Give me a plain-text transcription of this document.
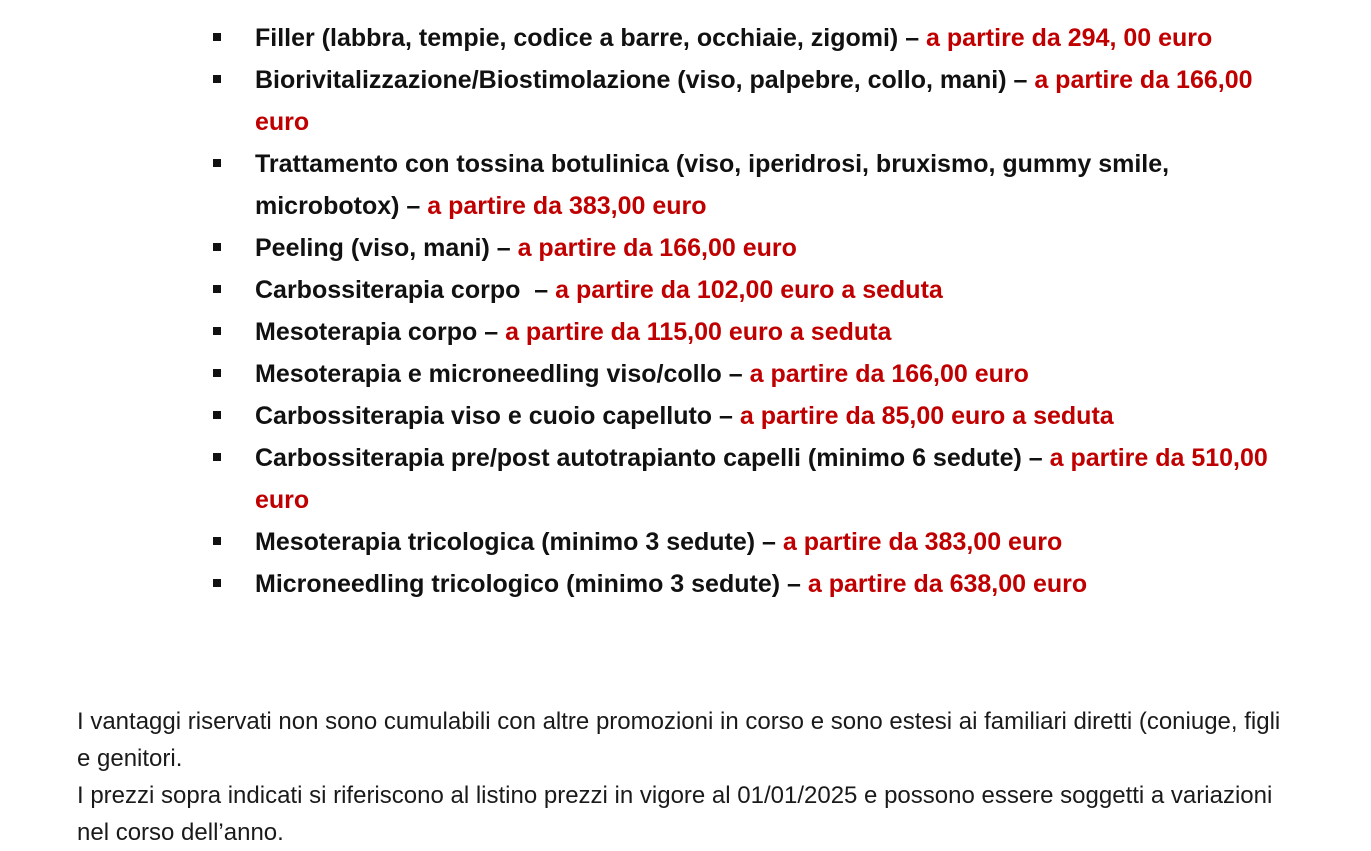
Filler (labbra, tempie, codice a barre, occhiaie, zigomi) – a partire da 294, 00 euro
Biorivitalizzazione/Biostimolazione (viso, palpebre, collo, mani) – a partire da 166,00 euro
Trattamento con tossina botulinica (viso, iperidrosi, bruxismo, gummy smile, microbotox) – a partire da 383,00 euro
Peeling (viso, mani) – a partire da 166,00 euro
Carbossiterapia corpo  – a partire da 102,00 euro a seduta
Mesoterapia corpo – a partire da 115,00 euro a seduta
Mesoterapia e microneedling viso/collo – a partire da 166,00 euro
Carbossiterapia viso e cuoio capelluto – a partire da 85,00 euro a seduta
Carbossiterapia pre/post autotrapianto capelli (minimo 6 sedute) – a partire da 510,00 euro
Mesoterapia tricologica (minimo 3 sedute) – a partire da 383,00 euro
Microneedling tricologico (minimo 3 sedute) – a partire da 638,00 euro

I vantaggi riservati non sono cumulabili con altre promozioni in corso e sono estesi ai familiari diretti (coniuge, figli e genitori.

I prezzi sopra indicati si riferiscono al listino prezzi in vigore al 01/01/2025 e possono essere soggetti a variazioni nel corso dell’anno.
